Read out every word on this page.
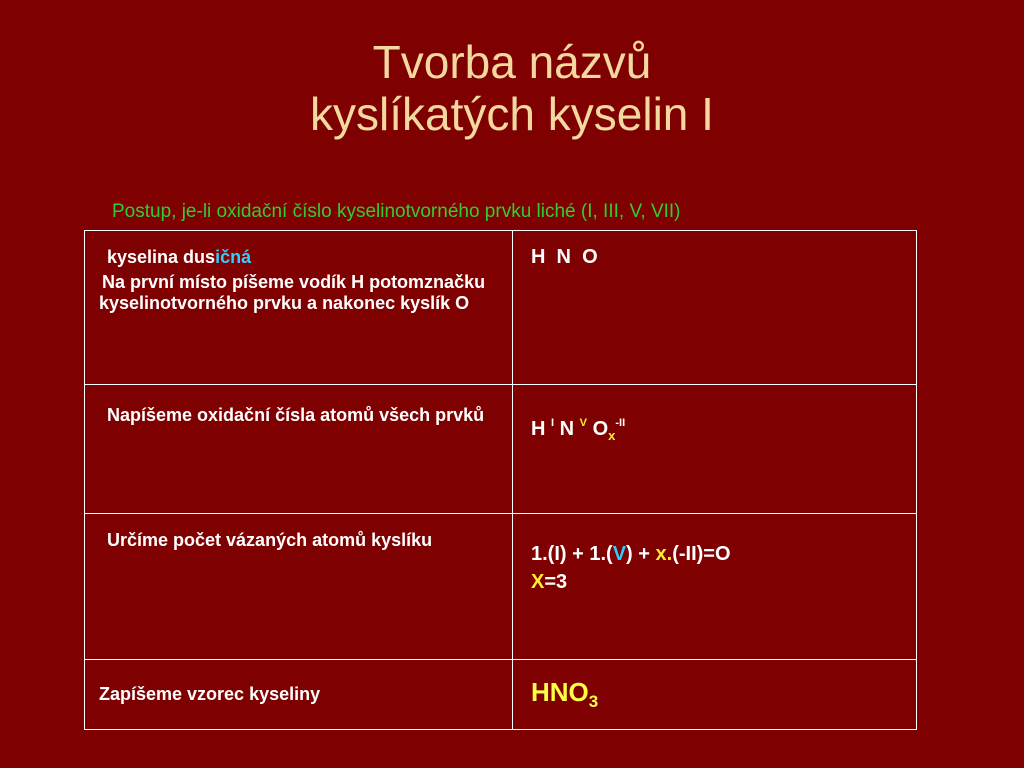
Tvorba názvů
kyslíkatých kyselin I

Postup, je-li oxidační číslo kyselinotvorného prvku liché (I, III, V, VII)

kyselina dusičná
Na první místo píšeme vodík H potomznačku kyselinotvorného prvku a nakonec kyslík O	H  N  O

Napíšeme oxidační čísla atomů všech prvků	H $^I$ N $^V$ $O_x^{-II}$

Určíme počet vázaných atomů kyslíku	1.(I) + 1.(V) + x.(-II)=O
X=3

Zapíšeme vzorec kyseliny	$HNO_3$
